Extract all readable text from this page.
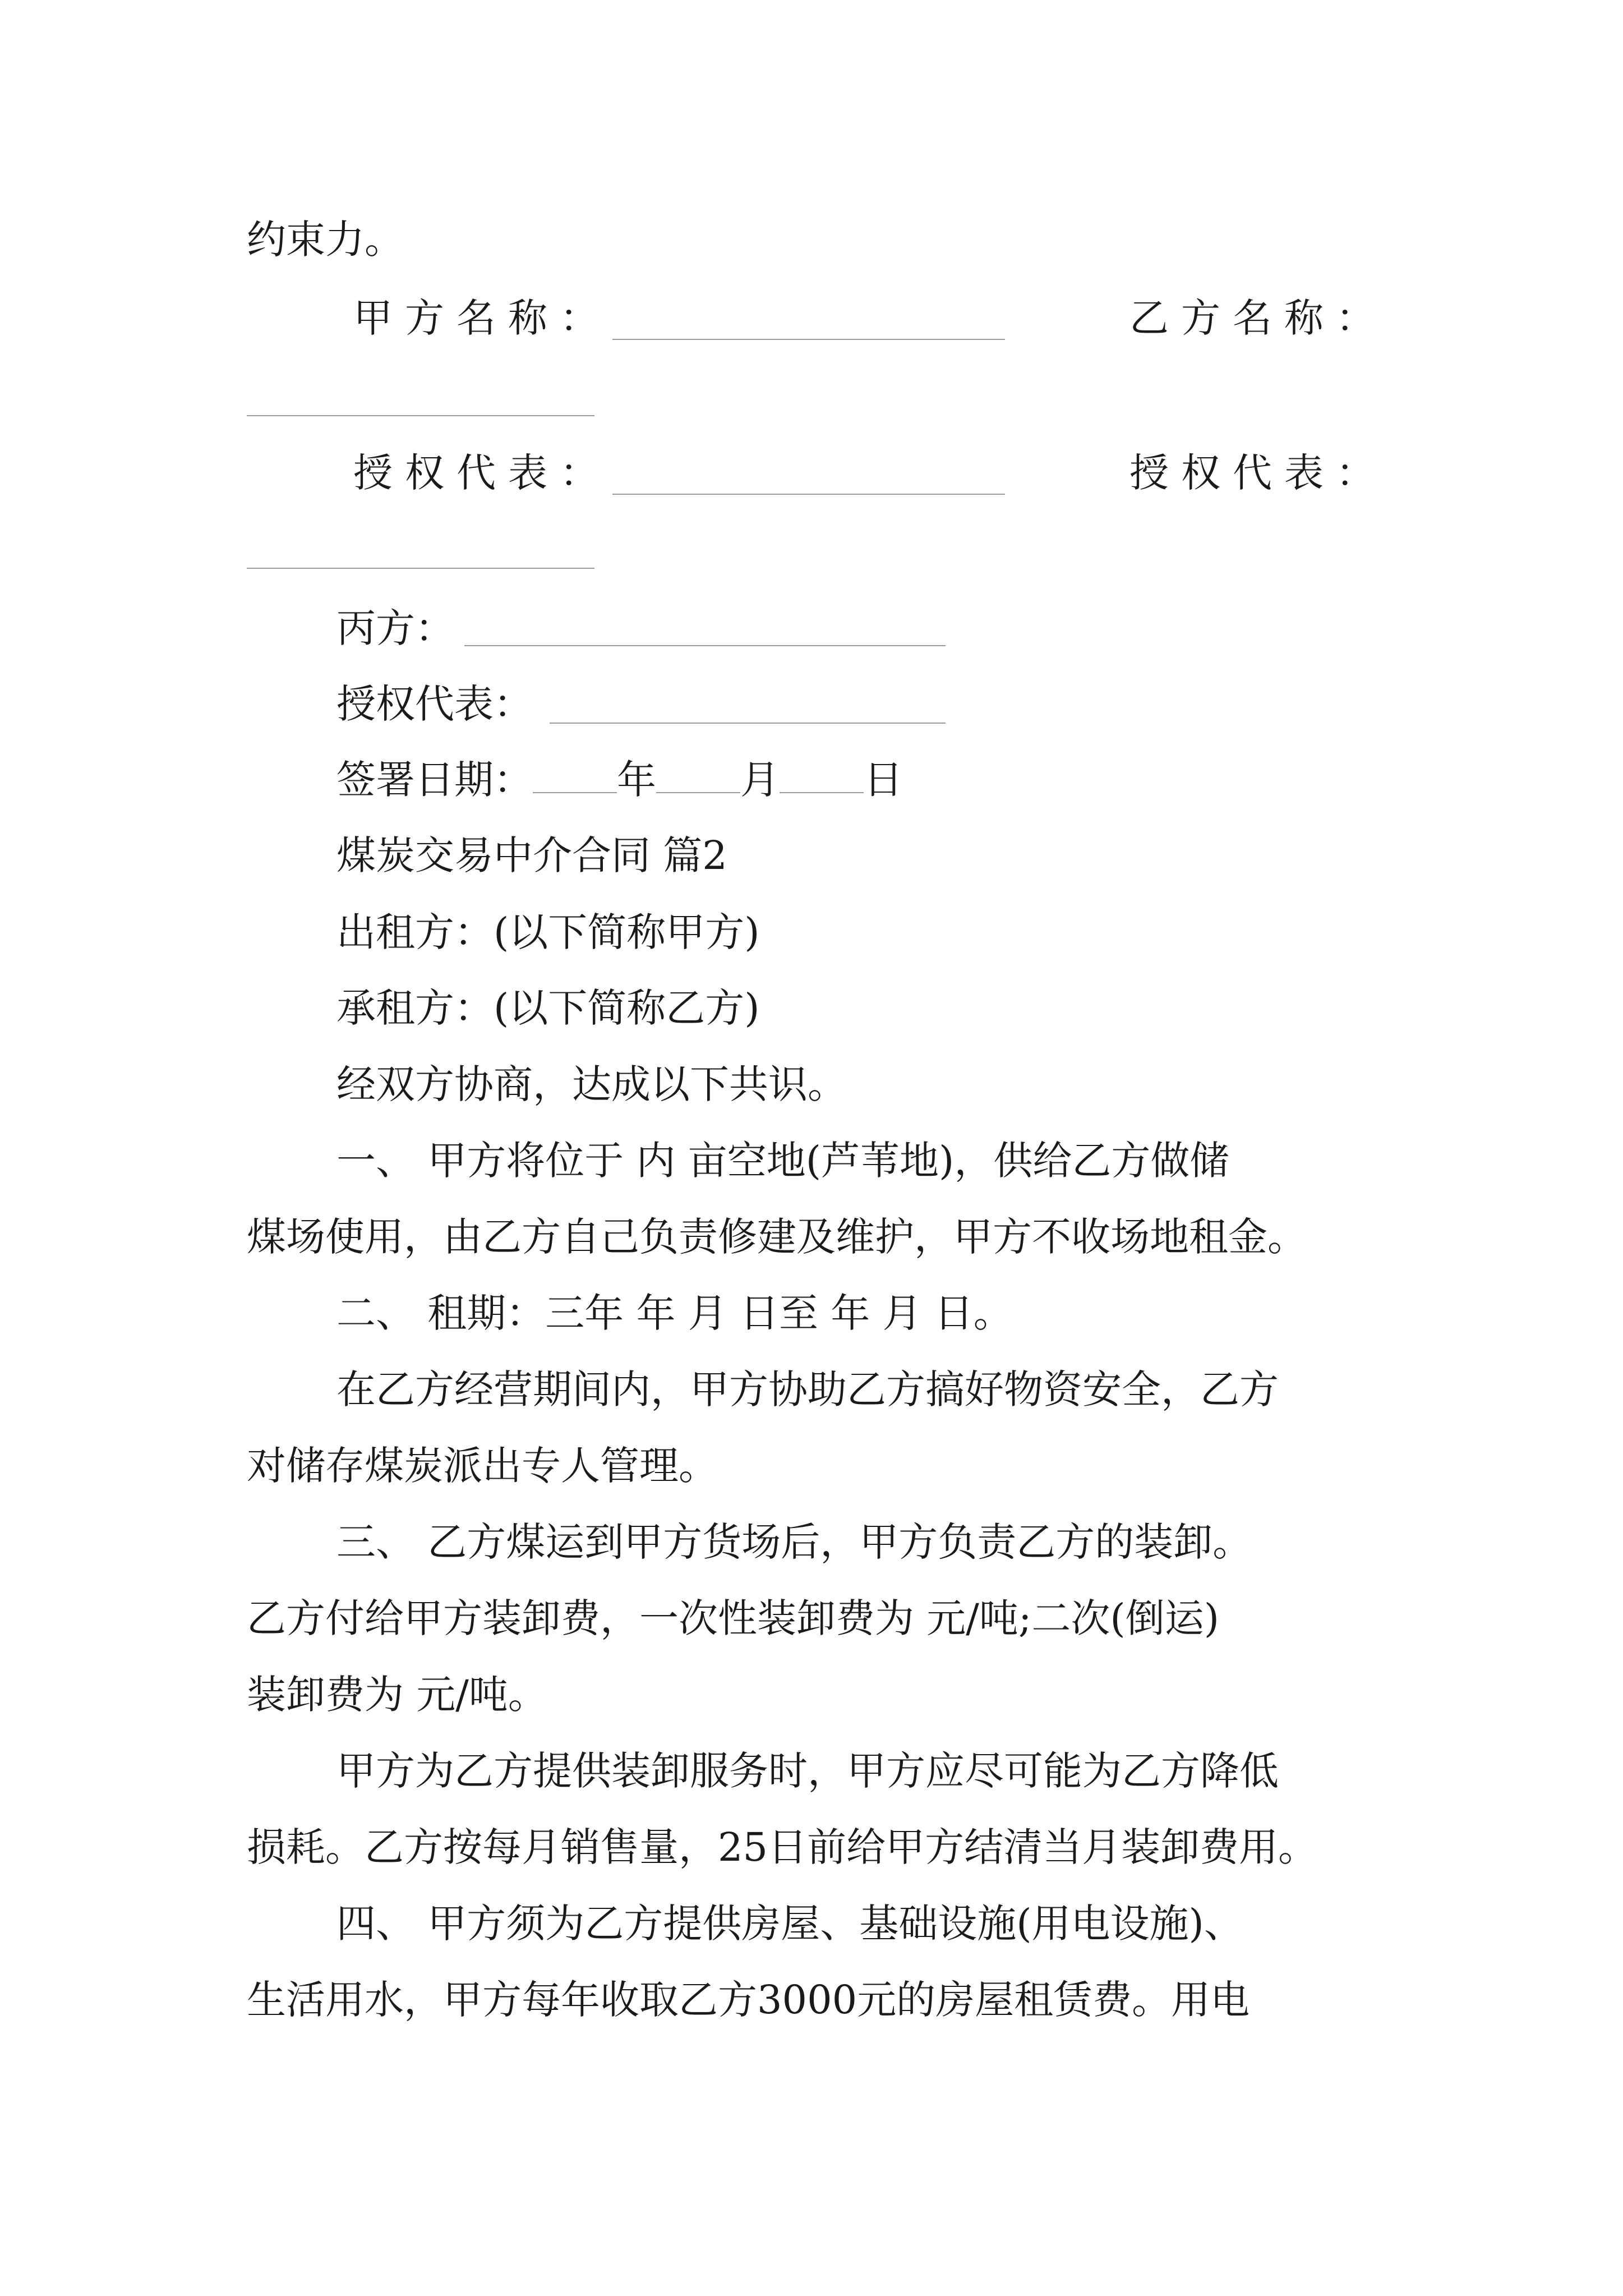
约束力。
甲方名称：	乙方名称：
授权代表：	授权代表：
丙方：
授权代表：
签署日期： 年 月 日
煤炭交易中介合同 篇2
出租方：(以下简称甲方)
承租方：(以下简称乙方)
经双方协商，达成以下共识。
一、 甲方将位于 内 亩空地(芦苇地)，供给乙方做储
煤场使用，由乙方自己负责修建及维护，甲方不收场地租金。
二、 租期：三年 年 月 日至 年 月 日。
在乙方经营期间内，甲方协助乙方搞好物资安全，乙方
对储存煤炭派出专人管理。
三、 乙方煤运到甲方货场后，甲方负责乙方的装卸。
乙方付给甲方装卸费，一次性装卸费为 元/吨;二次(倒运)
装卸费为 元/吨。
甲方为乙方提供装卸服务时，甲方应尽可能为乙方降低
损耗。乙方按每月销售量，25日前给甲方结清当月装卸费用。
四、 甲方须为乙方提供房屋、基础设施(用电设施)、
生活用水，甲方每年收取乙方3000元的房屋租赁费。用电
